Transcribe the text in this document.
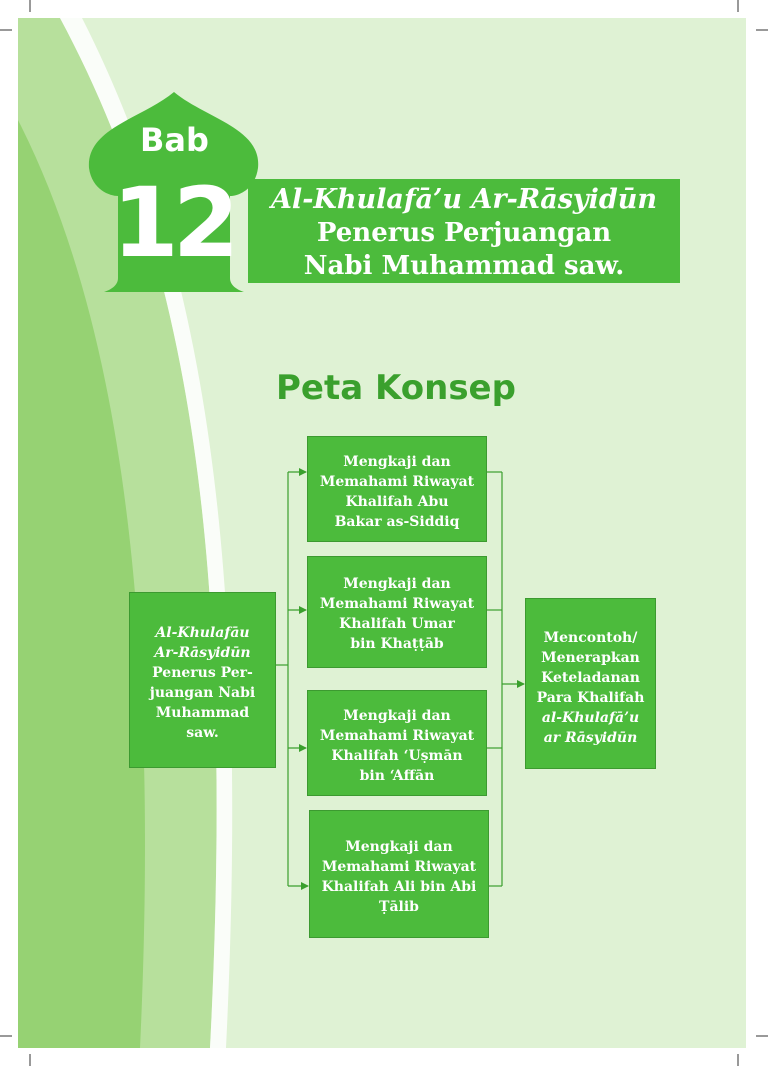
Bab
12	Al-Khulafā’u Ar-Rāsyidūn
Penerus Perjuangan
Nabi Muhammad saw.
Peta Konsep
Al-Khulafāu
Ar-Rāsyidūn
Penerus Per-
juangan Nabi
Muhammad
saw.
Mengkaji dan
Memahami Riwayat
Khalifah Abu
Bakar as-Siddiq
Mengkaji dan
Memahami Riwayat
Khalifah Umar
bin Khaṭṭāb
Mengkaji dan
Memahami Riwayat
Khalifah ‘Uṣmān
bin ‘Affān
Mengkaji dan
Memahami Riwayat
Khalifah Ali bin Abi
Ṭālib
Mencontoh/
Menerapkan
Keteladanan
Para Khalifah
al-Khulafā’u
ar Rāsyidūn
